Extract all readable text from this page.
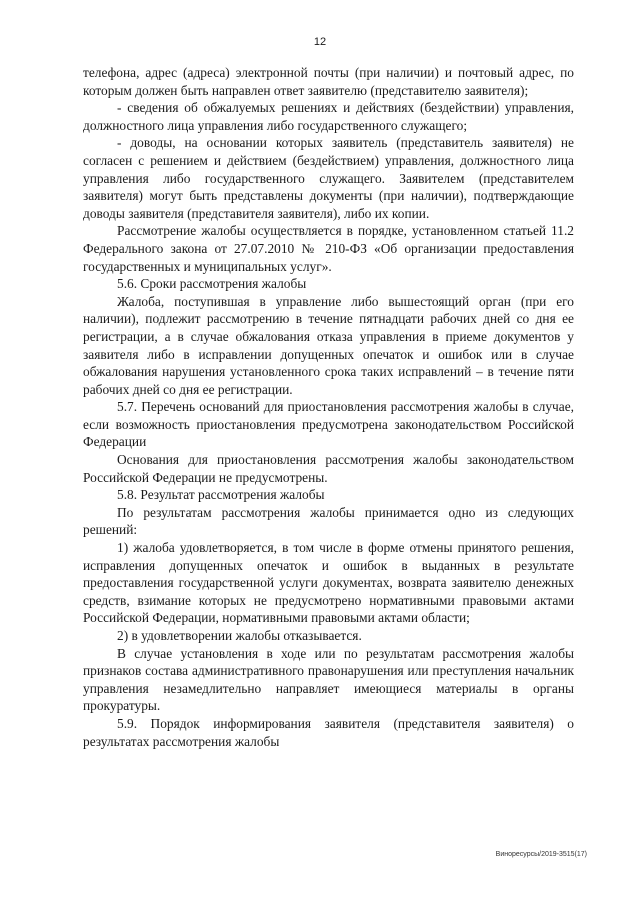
12

телефона, адрес (адреса) электронной почты (при наличии) и почтовый адрес, по которым должен быть направлен ответ заявителю (представителю заявителя);

- сведения об обжалуемых решениях и действиях (бездействии) управления, должностного лица управления либо государственного служащего;

- доводы, на основании которых заявитель (представитель заявителя) не согласен с решением и действием (бездействием) управления, должностного лица управления либо государственного служащего. Заявителем (представителем заявителя) могут быть представлены документы (при наличии), подтверждающие доводы заявителя (представителя заявителя), либо их копии.

Рассмотрение жалобы осуществляется в порядке, установленном статьей 11.2 Федерального закона от 27.07.2010 № 210-ФЗ «Об организации предоставления государственных и муниципальных услуг».

5.6. Сроки рассмотрения жалобы

Жалоба, поступившая в управление либо вышестоящий орган (при его наличии), подлежит рассмотрению в течение пятнадцати рабочих дней со дня ее регистрации, а в случае обжалования отказа управления в приеме документов у заявителя либо в исправлении допущенных опечаток и ошибок или в случае обжалования нарушения установленного срока таких исправлений – в течение пяти рабочих дней со дня ее регистрации.

5.7. Перечень оснований для приостановления рассмотрения жалобы в случае, если возможность приостановления предусмотрена законодательством Российской Федерации

Основания для приостановления рассмотрения жалобы законодательством Российской Федерации не предусмотрены.

5.8. Результат рассмотрения жалобы

По результатам рассмотрения жалобы принимается одно из следующих решений:

1) жалоба удовлетворяется, в том числе в форме отмены принятого решения, исправления допущенных опечаток и ошибок в выданных в результате предоставления государственной услуги документах, возврата заявителю денежных средств, взимание которых не предусмотрено нормативными правовыми актами Российской Федерации, нормативными правовыми актами области;

2) в удовлетворении жалобы отказывается.

В случае установления в ходе или по результатам рассмотрения жалобы признаков состава административного правонарушения или преступления начальник управления незамедлительно направляет имеющиеся материалы в органы прокуратуры.

5.9. Порядок информирования заявителя (представителя заявителя) о результатах рассмотрения жалобы

Виноресурсы/2019-3515(17)
